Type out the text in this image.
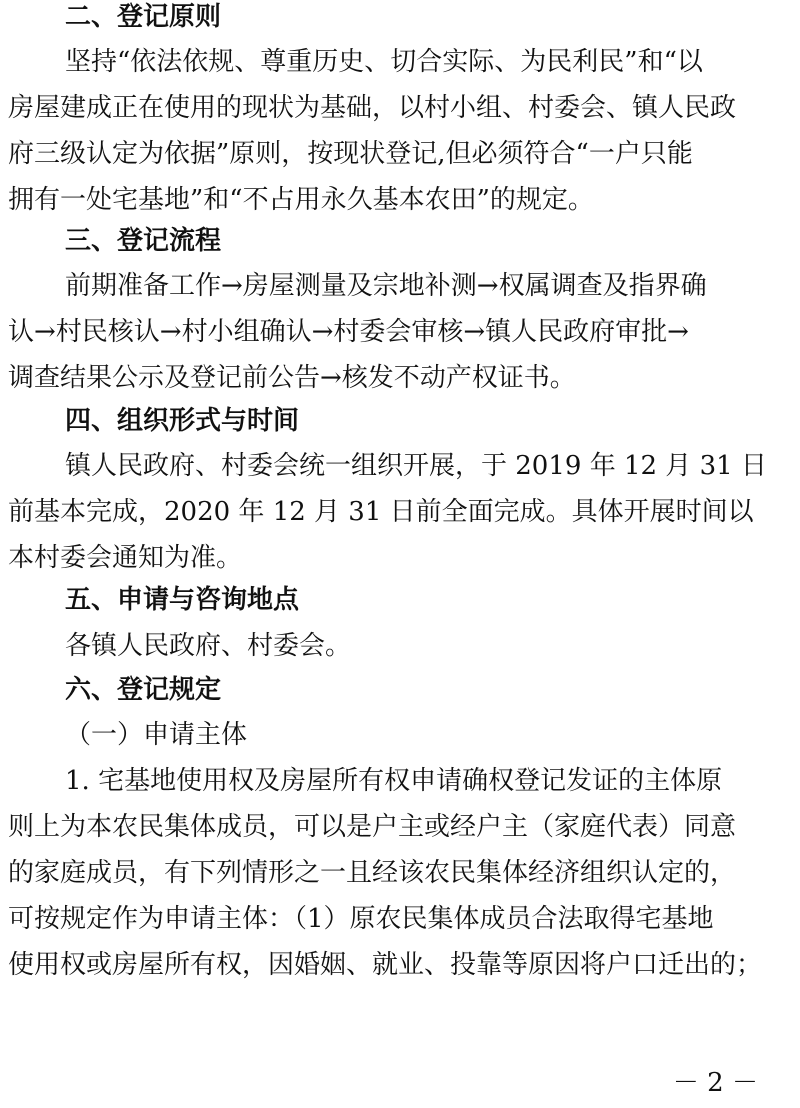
二、登记原则
坚持“依法依规、尊重历史、切合实际、为民利民”和“以
房屋建成正在使用的现状为基础，以村小组、村委会、镇人民政
府三级认定为依据”原则，按现状登记,但必须符合“一户只能
拥有一处宅基地”和“不占用永久基本农田”的规定。
三、登记流程
前期准备工作→房屋测量及宗地补测→权属调查及指界确
认→村民核认→村小组确认→村委会审核→镇人民政府审批→
调查结果公示及登记前公告→核发不动产权证书。
四、组织形式与时间
镇人民政府、村委会统一组织开展，于 2019 年 12 月 31 日
前基本完成，2020 年 12 月 31 日前全面完成。具体开展时间以
本村委会通知为准。
五、申请与咨询地点
各镇人民政府、村委会。
六、登记规定
（一）申请主体
1. 宅基地使用权及房屋所有权申请确权登记发证的主体原
则上为本农民集体成员，可以是户主或经户主（家庭代表）同意
的家庭成员，有下列情形之一且经该农民集体经济组织认定的，
可按规定作为申请主体：（1）原农民集体成员合法取得宅基地
使用权或房屋所有权，因婚姻、就业、投靠等原因将户口迁出的；
－ 2 －
